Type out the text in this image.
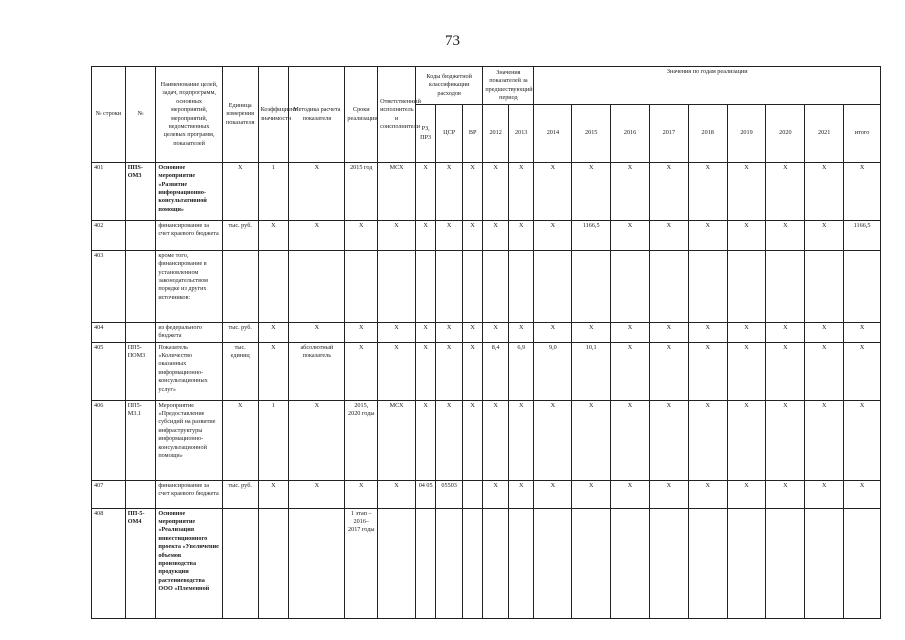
73
№ строки	№	Наименование целей, задач, подпрограмм, основных мероприятий, мероприятий, ведомственных целевых программ, показателей	Единица измерения показателя	Коэффициент значимости	Методика расчета показателя	Сроки реализации	Ответственный исполнитель и соисполнители	Коды бюджетной классификации расходов			Значения показателей за предшествующий период		Значения по годам реализации								
								РЗ, ПР3	ЦСР	ВР	2012	2013	2014	2015	2016	2017	2018	2019	2020	2021	итого
401	ППS-ОМ3	Основное мероприятие «Развитие информационно-консультативной помощи»	X	1	X	2015 год	МСХ	X	X	X	X	X	X	X	X	X	X	X	X	X	X
402		финансирование за счет краевого бюджета	тыс. руб.	X	X	X	X	X	X	X	X	X	X	1166,5	X	X	X	X	X	X	1166,5
403		кроме того, финансирование в установленном законодательством порядке из других источников:																			
404		из федерального бюджета	тыс. руб.	X	X	X	X	X	X	X	X	X	X	X	X	X	X	X	X	X	X
405	ПП5-ПОМ3	Показатель «Количество оказанных информационно-консультационных услуг»	тыс. единиц	X	абсолютный показатель	X	X	X	X	X	8,4	6,9	9,0	10,1	X	X	X	X	X	X	X
406	ПП5-М3.1	Мероприятие «Предоставление субсидий на развитие инфраструктуры информационно-консультационной помощи»	X	1	X	2015, 2020 годы	МСХ	X	X	X	X	X	X	X	X	X	X	X	X	X	X
407		финансирование за счет краевого бюджета	тыс. руб.	X	X	X	X	04 05	05503		X	X	X	X	X	X	X	X	X	X	X
408	ПП-5-ОМ4	Основное мероприятие «Реализация инвестиционного проекта «Увеличение объемов производства продукции растениеводства ООО «Племенной				1 этап – 2016–2017 годы															
